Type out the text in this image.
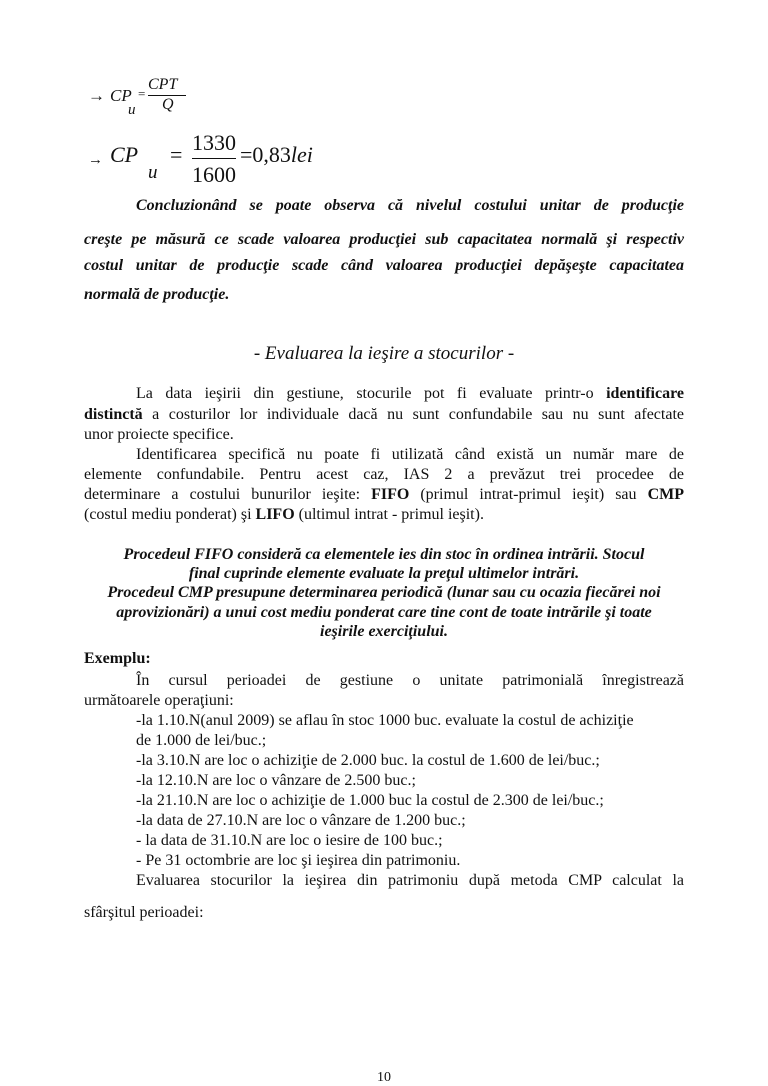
→ CP
u
=
CPT
Q
→ CP
u
= 1330
1600
=0,83lei
Concluzionând se poate observa că nivelul costului unitar de producţie
creşte pe măsură ce scade valoarea producţiei sub capacitatea normală şi respectiv
costul unitar de producţie scade când valoarea producţiei depăşeşte capacitatea
normală de producţie.
- Evaluarea la ieşire a stocurilor -
La data ieşirii din gestiune, stocurile pot fi evaluate printr-o identificare
distinctă a costurilor lor individuale dacă nu sunt confundabile sau nu sunt afectate
unor proiecte specifice.
Identificarea specifică nu poate fi utilizată când există un număr mare de
elemente confundabile. Pentru acest caz, IAS 2 a prevăzut trei procedee de
determinare a costului bunurilor ieşite: FIFO (primul intrat-primul ieşit) sau CMP
(costul mediu ponderat) şi LIFO (ultimul intrat - primul ieşit).
Procedeul FIFO consideră ca elementele ies din stoc în ordinea intrării. Stocul
final cuprinde elemente evaluate la preţul ultimelor intrări.
Procedeul CMP presupune determinarea periodică (lunar sau cu ocazia fiecărei noi
aprovizionări) a unui cost mediu ponderat care tine cont de toate intrările şi toate
ieşirile exerciţiului.
Exemplu:
În cursul perioadei de gestiune o unitate patrimonială înregistrează
următoarele operaţiuni:
-la 1.10.N(anul 2009) se aflau în stoc 1000 buc. evaluate la costul de achiziţie
de 1.000 de lei/buc.;
-la 3.10.N are loc o achiziţie de 2.000 buc. la costul de 1.600 de lei/buc.;
-la 12.10.N are loc o vânzare de 2.500 buc.;
-la 21.10.N are loc o achiziţie de 1.000 buc la costul de 2.300 de lei/buc.;
-la data de 27.10.N are loc o vânzare de 1.200 buc.;
- la data de 31.10.N are loc o iesire de 100 buc.;
- Pe 31 octombrie are loc şi ieşirea din patrimoniu.
Evaluarea stocurilor la ieşirea din patrimoniu după metoda CMP calculat la
sfârşitul perioadei:
10
